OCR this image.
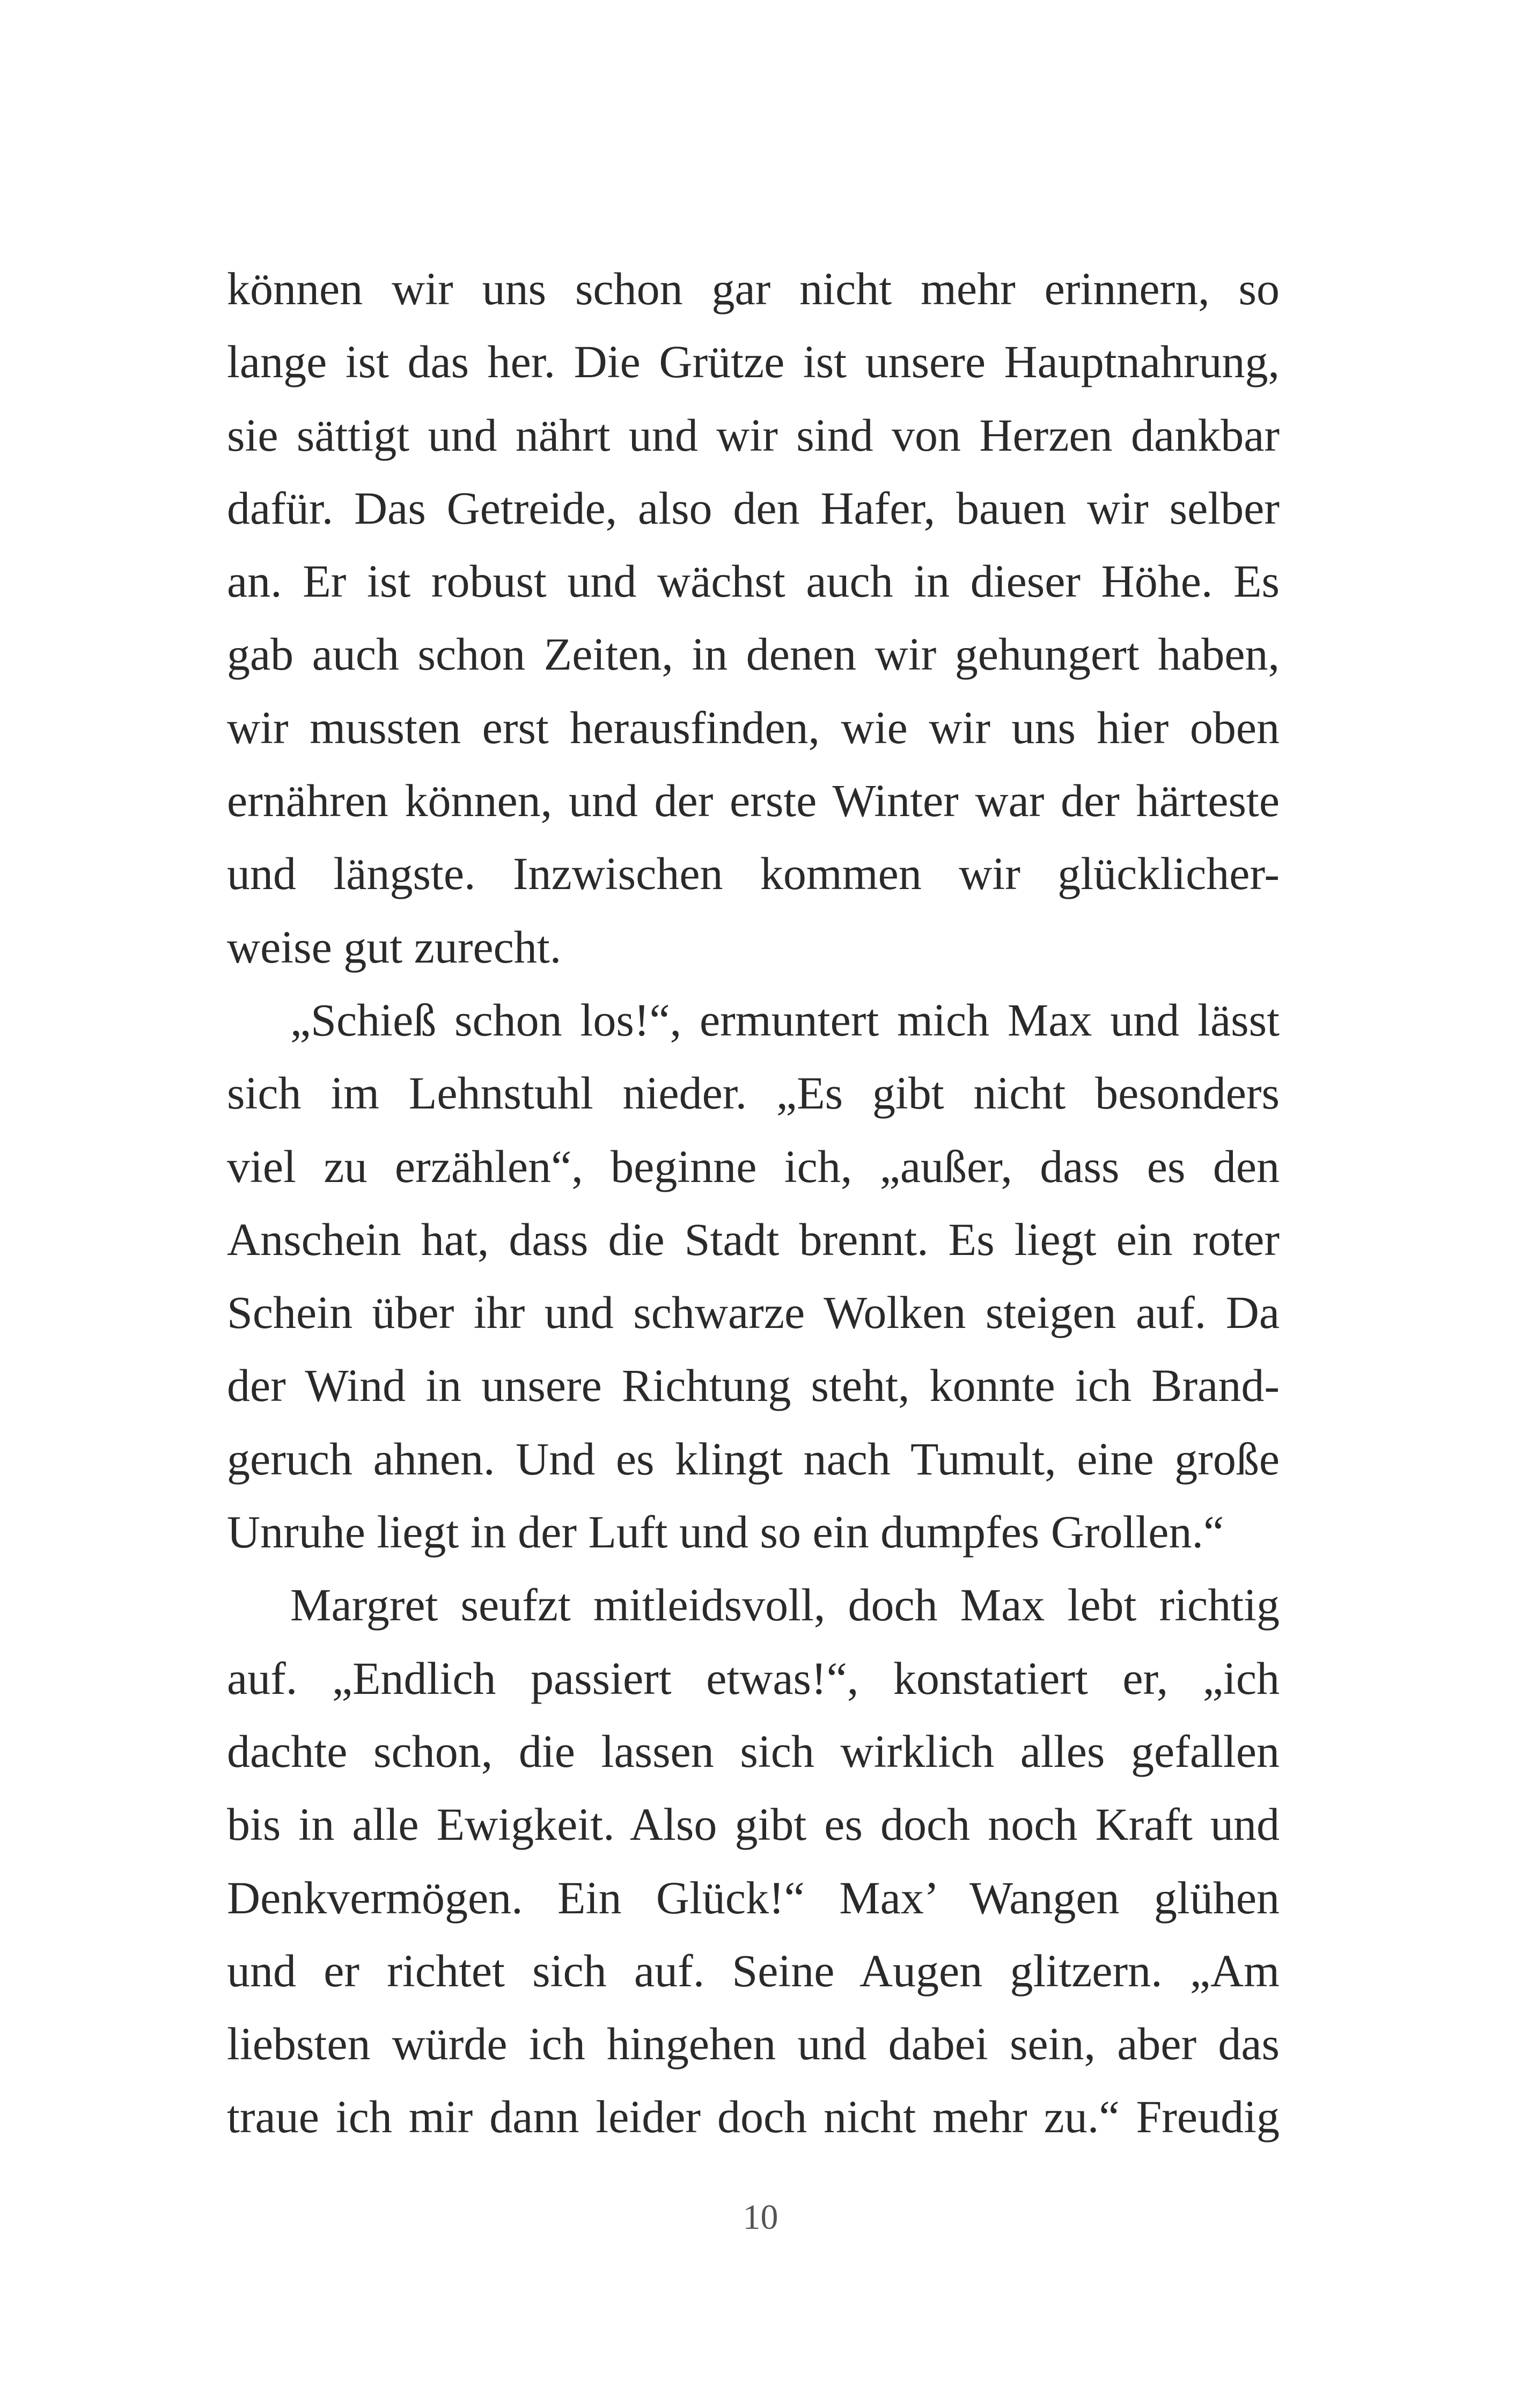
können wir uns schon gar nicht mehr erinnern, so
lange ist das her. Die Grütze ist unsere Hauptnahrung,
sie sättigt und nährt und wir sind von Herzen dankbar
dafür. Das Getreide, also den Hafer, bauen wir selber
an. Er ist robust und wächst auch in dieser Höhe. Es
gab auch schon Zeiten, in denen wir gehungert haben,
wir mussten erst herausfinden, wie wir uns hier oben
ernähren können, und der erste Winter war der härteste
und längste. Inzwischen kommen wir glücklicher-
weise gut zurecht.
„Schieß schon los!“, ermuntert mich Max und lässt
sich im Lehnstuhl nieder. „Es gibt nicht besonders
viel zu erzählen“, beginne ich, „außer, dass es den
Anschein hat, dass die Stadt brennt. Es liegt ein roter
Schein über ihr und schwarze Wolken steigen auf. Da
der Wind in unsere Richtung steht, konnte ich Brand-
geruch ahnen. Und es klingt nach Tumult, eine große
Unruhe liegt in der Luft und so ein dumpfes Grollen.“
Margret seufzt mitleidsvoll, doch Max lebt richtig
auf. „Endlich passiert etwas!“, konstatiert er, „ich
dachte schon, die lassen sich wirklich alles gefallen
bis in alle Ewigkeit. Also gibt es doch noch Kraft und
Denkvermögen. Ein Glück!“ Max’ Wangen glühen
und er richtet sich auf. Seine Augen glitzern. „Am
liebsten würde ich hingehen und dabei sein, aber das
traue ich mir dann leider doch nicht mehr zu.“ Freudig
10
